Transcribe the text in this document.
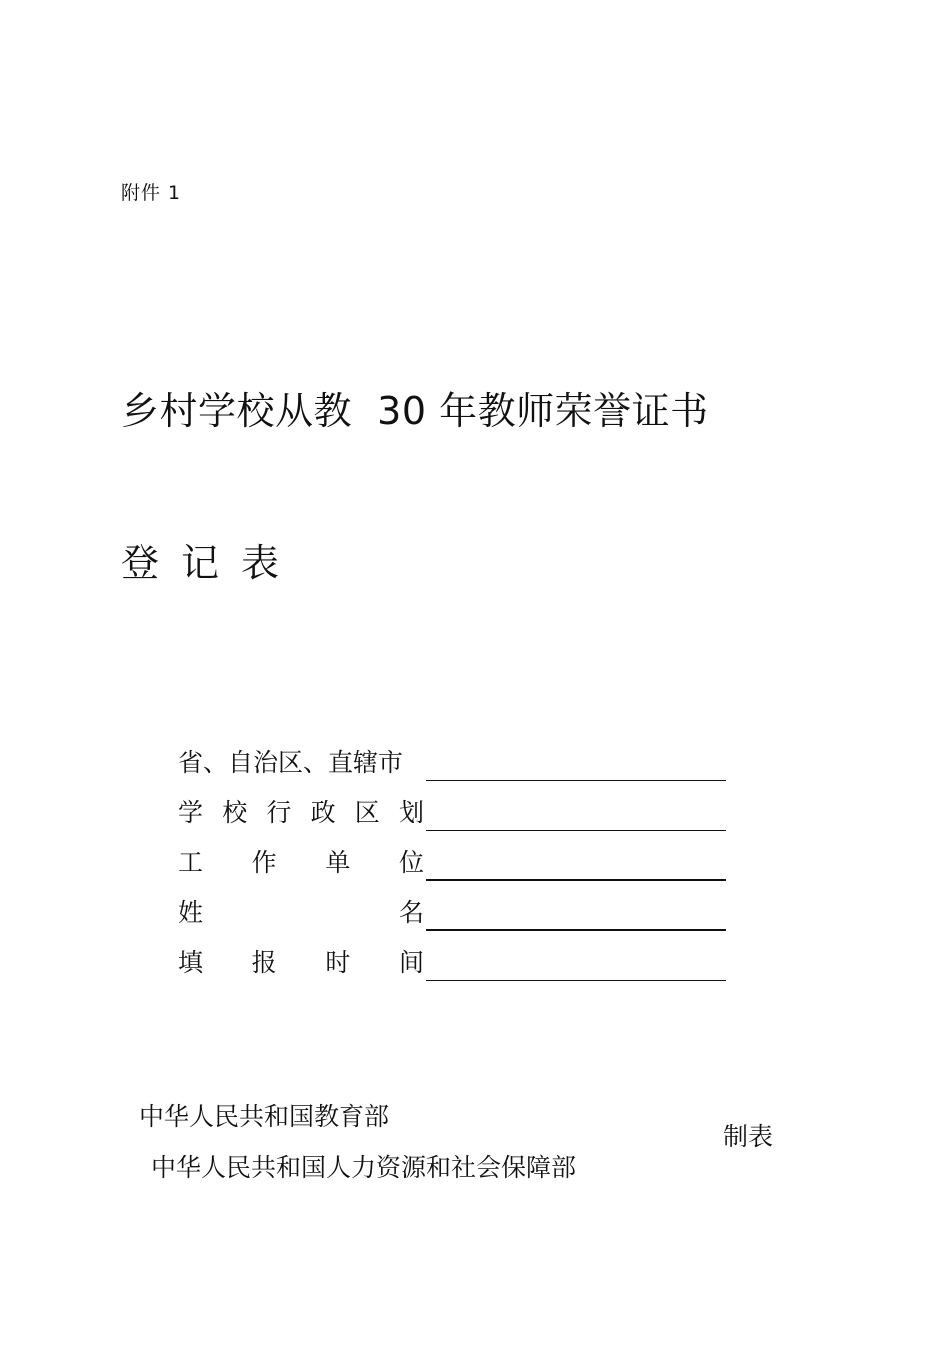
附件 1
乡村学校从教  30 年教师荣誉证书
登记表
省、自治区、直辖市
学 校 行 政 区 划
工 作 单 位
姓	名
填 报 时 间
中华人民共和国教育部
中华人民共和国人力资源和社会保障部
制表
